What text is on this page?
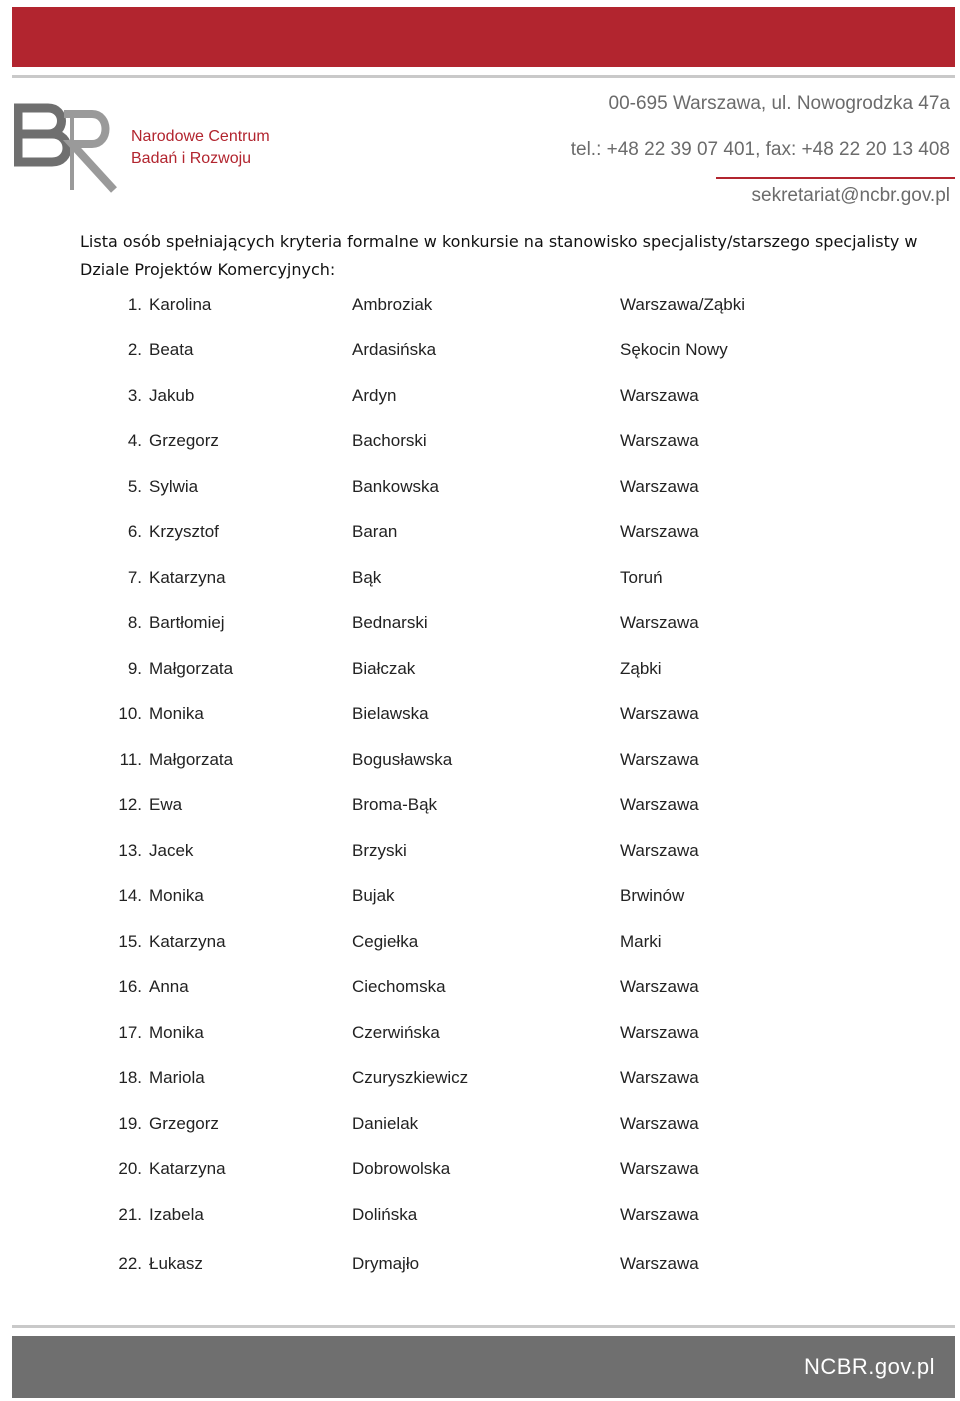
Narodowe Centrum
Badań i Rozwoju
00-695 Warszawa, ul. Nowogrodzka 47a
tel.: +48 22 39 07 401, fax: +48 22 20 13 408
sekretariat@ncbr.gov.pl
Lista osób spełniających kryteria formalne w konkursie na stanowisko specjalisty/starszego specjalisty w Dziale Projektów Komercyjnych:
1. Karolina	Ambroziak	Warszawa/Ząbki
2. Beata	Ardasińska	Sękocin Nowy
3. Jakub	Ardyn	Warszawa
4. Grzegorz	Bachorski	Warszawa
5. Sylwia	Bankowska	Warszawa
6. Krzysztof	Baran	Warszawa
7. Katarzyna	Bąk	Toruń
8. Bartłomiej	Bednarski	Warszawa
9. Małgorzata	Białczak	Ząbki
10. Monika	Bielawska	Warszawa
11. Małgorzata	Bogusławska	Warszawa
12. Ewa	Broma-Bąk	Warszawa
13. Jacek	Brzyski	Warszawa
14. Monika	Bujak	Brwinów
15. Katarzyna	Cegiełka	Marki
16. Anna	Ciechomska	Warszawa
17. Monika	Czerwińska	Warszawa
18. Mariola	Czuryszkiewicz	Warszawa
19. Grzegorz	Danielak	Warszawa
20. Katarzyna	Dobrowolska	Warszawa
21. Izabela	Dolińska	Warszawa
22. Łukasz	Drymajło	Warszawa
NCBR.gov.pl
